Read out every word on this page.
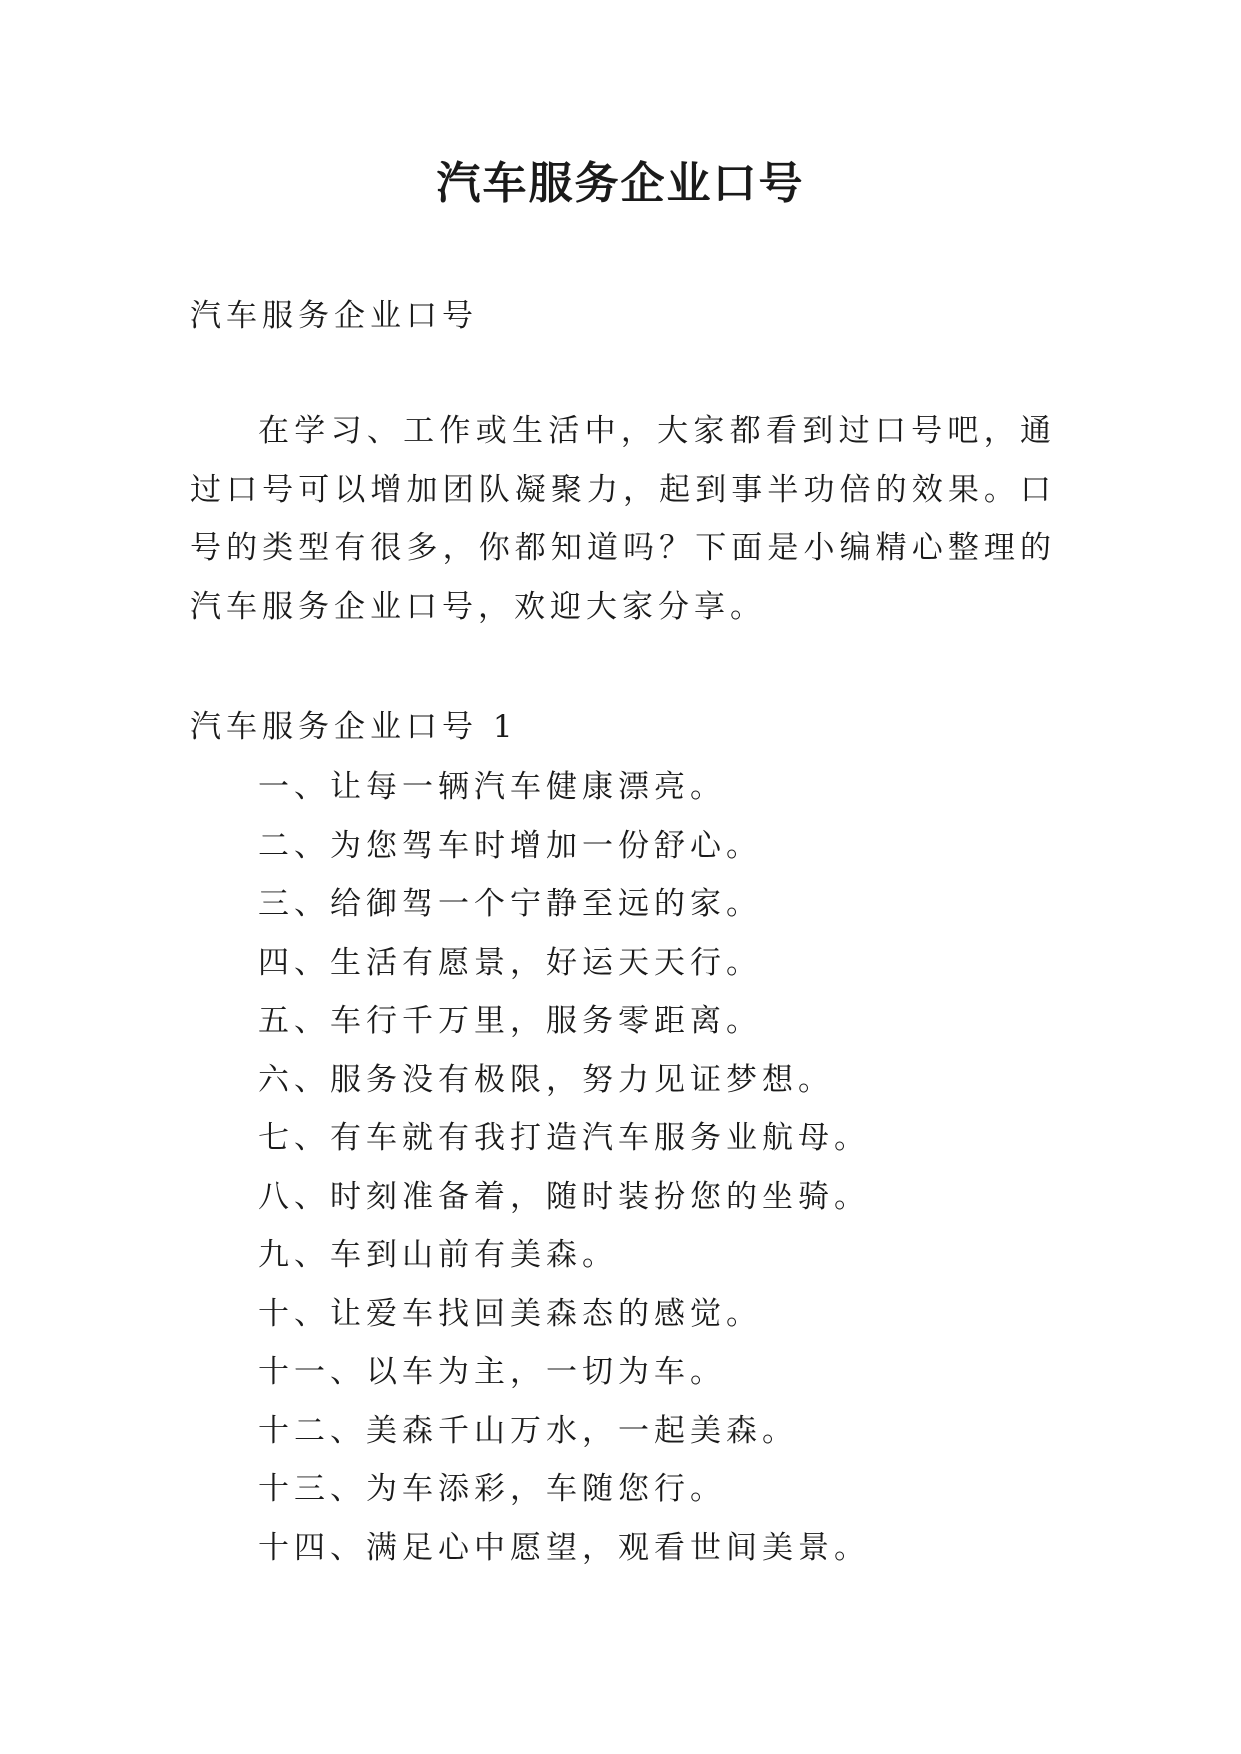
汽车服务企业口号

汽车服务企业口号

在学习、工作或生活中，大家都看到过口号吧，通过口号可以增加团队凝聚力，起到事半功倍的效果。口号的类型有很多，你都知道吗？下面是小编精心整理的汽车服务企业口号，欢迎大家分享。

汽车服务企业口号 1

一、让每一辆汽车健康漂亮。
二、为您驾车时增加一份舒心。
三、给御驾一个宁静至远的家。
四、生活有愿景，好运天天行。
五、车行千万里，服务零距离。
六、服务没有极限，努力见证梦想。
七、有车就有我打造汽车服务业航母。
八、时刻准备着，随时装扮您的坐骑。
九、车到山前有美森。
十、让爱车找回美森态的感觉。
十一、以车为主，一切为车。
十二、美森千山万水，一起美森。
十三、为车添彩，车随您行。
十四、满足心中愿望，观看世间美景。
